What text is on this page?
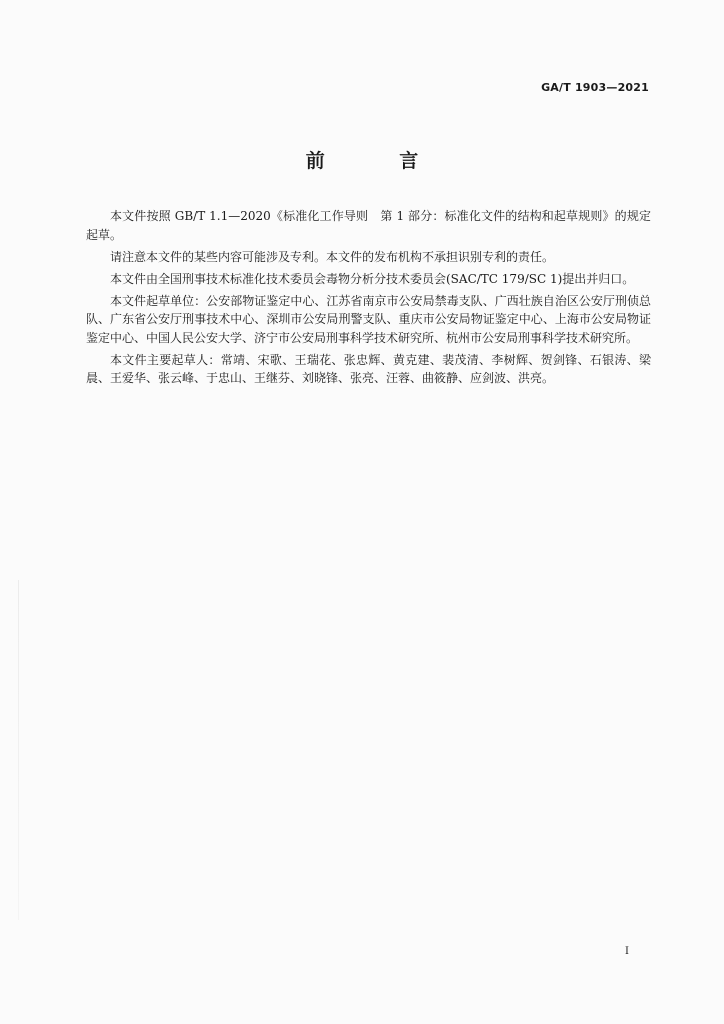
GA/T 1903—2021
前 言

本文件按照 GB/T 1.1—2020《标准化工作导则　第 1 部分：标准化文件的结构和起草规则》的规定起草。

请注意本文件的某些内容可能涉及专利。本文件的发布机构不承担识别专利的责任。

本文件由全国刑事技术标准化技术委员会毒物分析分技术委员会(SAC/TC 179/SC 1)提出并归口。

本文件起草单位：公安部物证鉴定中心、江苏省南京市公安局禁毒支队、广西壮族自治区公安厅刑侦总队、广东省公安厅刑事技术中心、深圳市公安局刑警支队、重庆市公安局物证鉴定中心、上海市公安局物证鉴定中心、中国人民公安大学、济宁市公安局刑事科学技术研究所、杭州市公安局刑事科学技术研究所。

本文件主要起草人：常靖、宋歌、王瑞花、张忠辉、黄克建、裴茂清、李树辉、贺剑锋、石银涛、梁晨、王爱华、张云峰、于忠山、王继芬、刘晓锋、张亮、汪蓉、曲筱静、应剑波、洪亮。

I
